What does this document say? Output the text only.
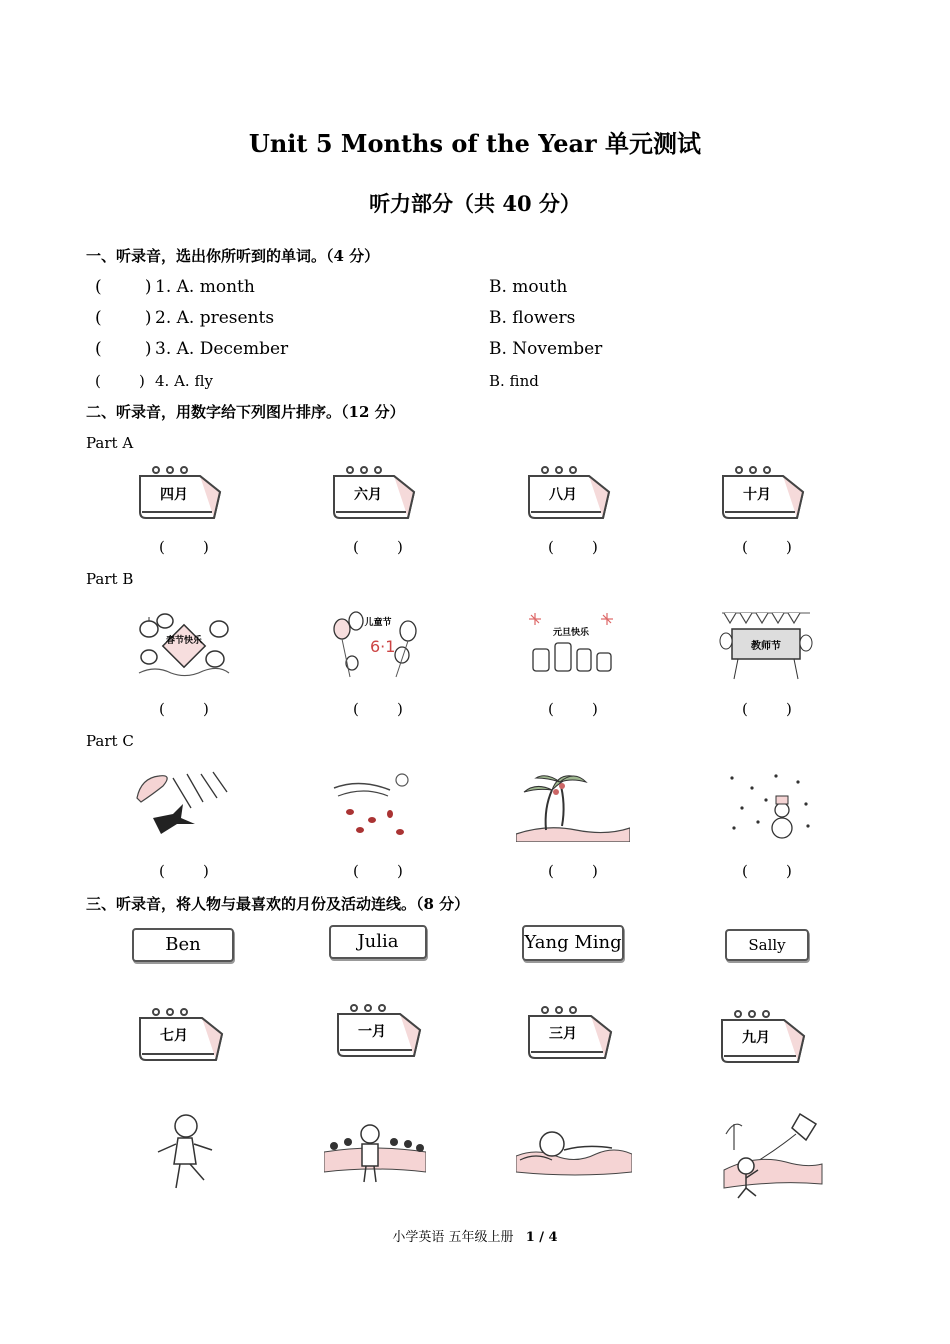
Unit 5 Months of the Year 单元测试
听力部分（共 40 分）
一、听录音，选出你所听到的单词。（4 分）
(        ) 1. A. month	B. mouth
(        ) 2. A. presents	B. flowers
(        ) 3. A. December	B. November
(        ) 4. A. fly	B. find
二、听录音，用数字给下列图片排序。（12 分）
Part A
四月	六月	八月	十月
(        )	(        )	(        )	(        )
Part B
春节快乐
儿童节
6·1
元旦快乐
教师节
(        )	(        )	(        )	(        )
Part C
(        )	(        )	(        )	(        )
三、听录音，将人物与最喜欢的月份及活动连线。（8 分）
Ben	Julia	Yang Ming	Sally
七月	一月	三月	九月
小学英语 五年级上册 1 / 4
